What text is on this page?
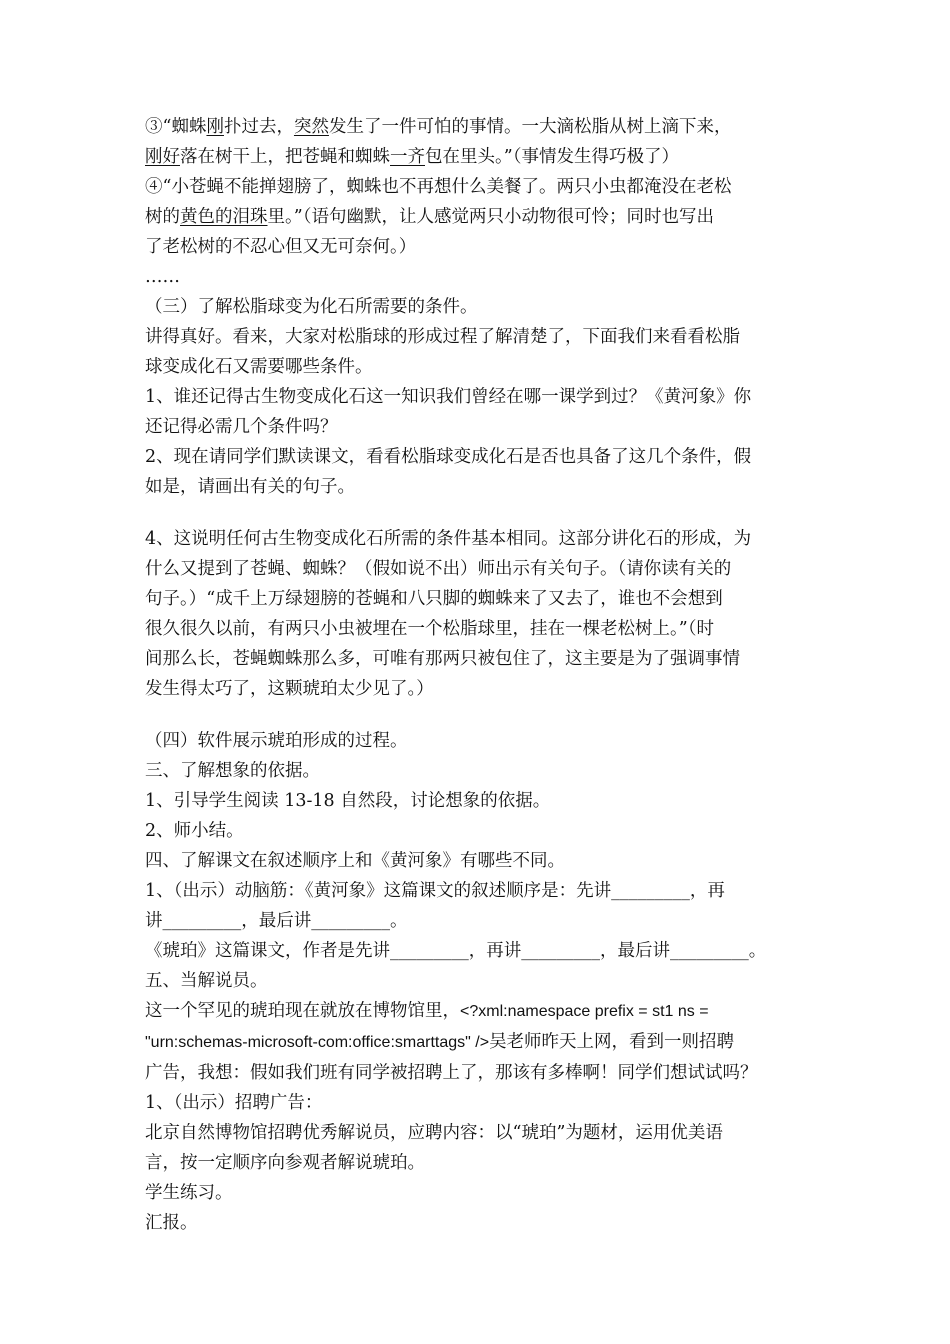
③“蜘蛛刚扑过去，突然发生了一件可怕的事情。一大滴松脂从树上滴下来，

刚好落在树干上，把苍蝇和蜘蛛一齐包在里头。”（事情发生得巧极了）

④“小苍蝇不能掸翅膀了，蜘蛛也不再想什么美餐了。两只小虫都淹没在老松

树的黄色的泪珠里。”（语句幽默，让人感觉两只小动物很可怜；同时也写出

了老松树的不忍心但又无可奈何。）

……

（三）了解松脂球变为化石所需要的条件。

讲得真好。看来，大家对松脂球的形成过程了解清楚了，下面我们来看看松脂

球变成化石又需要哪些条件。

1、谁还记得古生物变成化石这一知识我们曾经在哪一课学到过？《黄河象》你

还记得必需几个条件吗？

2、现在请同学们默读课文，看看松脂球变成化石是否也具备了这几个条件，假

如是，请画出有关的句子。

4、这说明任何古生物变成化石所需的条件基本相同。这部分讲化石的形成，为

什么又提到了苍蝇、蜘蛛？（假如说不出）师出示有关句子。（请你读有关的

句子。）“成千上万绿翅膀的苍蝇和八只脚的蜘蛛来了又去了，谁也不会想到

很久很久以前，有两只小虫被埋在一个松脂球里，挂在一棵老松树上。”（时

间那么长，苍蝇蜘蛛那么多，可唯有那两只被包住了，这主要是为了强调事情

发生得太巧了，这颗琥珀太少见了。）

（四）软件展示琥珀形成的过程。

三、了解想象的依据。

1、引导学生阅读 13-18 自然段，讨论想象的依据。

2、师小结。

四、了解课文在叙述顺序上和《黄河象》有哪些不同。

1、（出示）动脑筋：《黄河象》这篇课文的叙述顺序是：先讲_________，再

讲_________，最后讲_________。

《琥珀》这篇课文，作者是先讲_________，再讲_________，最后讲_________。

五、当解说员。

这一个罕见的琥珀现在就放在博物馆里，<?xml:namespace prefix = st1 ns =

"urn:schemas-microsoft-com:office:smarttags" />吴老师昨天上网，看到一则招聘

广告，我想：假如我们班有同学被招聘上了，那该有多棒啊！同学们想试试吗？

1、（出示）招聘广告：

北京自然博物馆招聘优秀解说员，应聘内容：以“琥珀”为题材，运用优美语

言，按一定顺序向参观者解说琥珀。

学生练习。

汇报。
